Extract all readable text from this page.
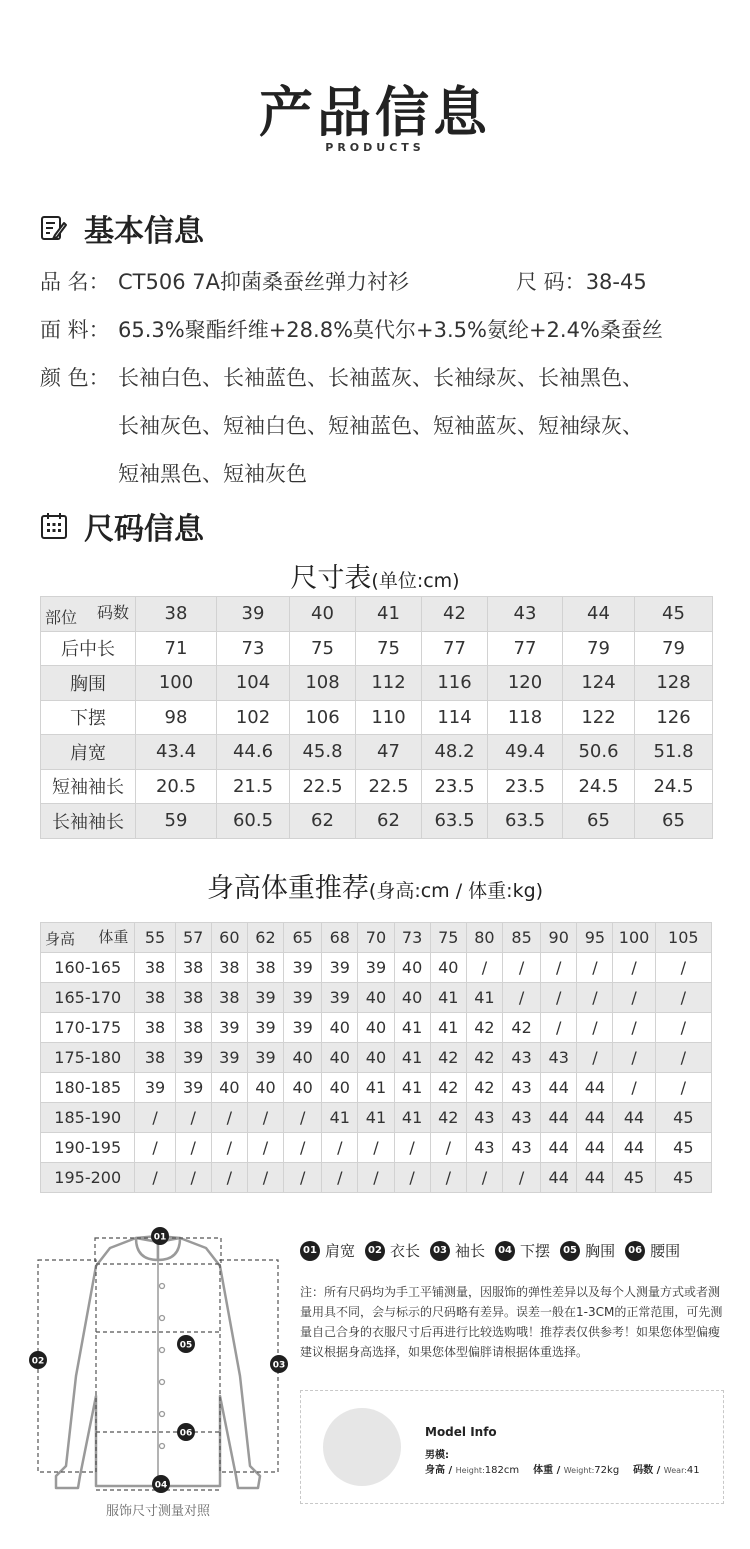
产品信息
PRODUCTS
基本信息
品 名： CT506 7A抑菌桑蚕丝弹力衬衫	尺 码：38-45
面 料： 65.3%聚酯纤维+28.8%莫代尔+3.5%氨纶+2.4%桑蚕丝
颜 色： 长袖白色、长袖蓝色、长袖蓝灰、长袖绿灰、长袖黑色、
长袖灰色、短袖白色、短袖蓝色、短袖蓝灰、短袖绿灰、
短袖黑色、短袖灰色
尺码信息
尺寸表(单位:cm)
码数
部位	38	39	40	41	42	43	44	45
后中长	71	73	75	75	77	77	79	79
胸围	100	104	108	112	116	120	124	128
下摆	98	102	106	110	114	118	122	126
肩宽	43.4	44.6	45.8	47	48.2	49.4	50.6	51.8
短袖袖长	20.5	21.5	22.5	22.5	23.5	23.5	24.5	24.5
长袖袖长	59	60.5	62	62	63.5	63.5	65	65
身高体重推荐(身高:cm / 体重:kg)
体重
身高	55	57	60	62	65	68	70	73	75	80	85	90	95	100	105
160-165	38	38	38	38	39	39	39	40	40	/	/	/	/	/	/
165-170	38	38	38	39	39	39	40	40	41	41	/	/	/	/	/
170-175	38	38	39	39	39	40	40	41	41	42	42	/	/	/	/
175-180	38	39	39	39	40	40	40	41	42	42	43	43	/	/	/
180-185	39	39	40	40	40	40	41	41	42	42	43	44	44	/	/
185-190	/	/	/	/	/	41	41	41	42	43	43	44	44	44	45
190-195	/	/	/	/	/	/	/	/	/	43	43	44	44	44	45
195-200	/	/	/	/	/	/	/	/	/	/	/	44	44	45	45
01
02	03
04
05
06
服饰尺寸测量对照
01 肩宽	02 衣长	03 袖长	04 下摆	05 胸围	06 腰围
注：所有尺码均为手工平铺测量，因服饰的弹性差异以及每个人测量方式或者测量用具不同，会与标示的尺码略有差异。误差一般在1-3CM的正常范围，可先测量自己合身的衣服尺寸后再进行比较选购哦！推荐表仅供参考！如果您体型偏瘦建议根据身高选择，如果您体型偏胖请根据体重选择。
Model Info
男模:
身高 / Height:182cm 体重 / Weight:72kg 码数 / Wear:41
